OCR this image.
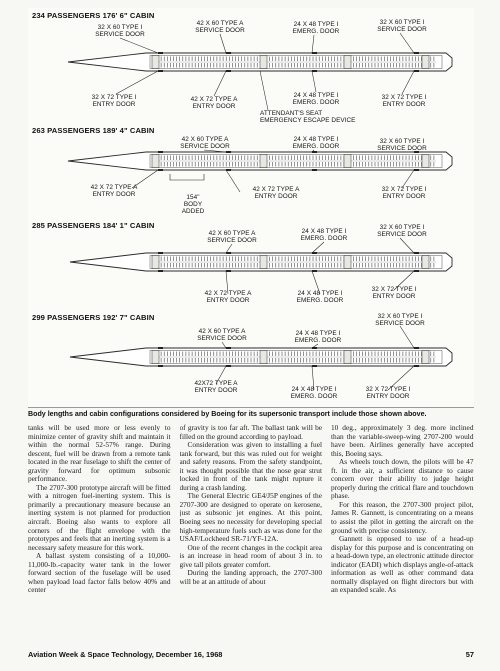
234 PASSENGERS 176' 6" CABIN
32 X 60 TYPE I
SERVICE DOOR
42 X 60 TYPE A
SERVICE DOOR
24 X 48 TYPE I
EMERG. DOOR
32 X 60 TYPE I
SERVICE DOOR
32 X 72 TYPE I
ENTRY DOOR
42 X 72 TYPE A
ENTRY DOOR
24 X 48 TYPE I
EMERG. DOOR
32 X 72 TYPE I
ENTRY DOOR
ATTENDANT'S SEAT
EMERGENCY ESCAPE DEVICE
263 PASSENGERS 189' 4" CABIN
42 X 60 TYPE A
SERVICE DOOR
24 X 48 TYPE I
EMERG. DOOR
32 X 60 TYPE I
SERVICE DOOR
42 X 72 TYPE A
ENTRY DOOR
42 X 72 TYPE A
ENTRY DOOR
32 X 72 TYPE I
ENTRY DOOR
154"
BODY
ADDED
285 PASSENGERS 184' 1" CABIN
42 X 60 TYPE A
SERVICE DOOR
24 X 48 TYPE I
EMERG. DOOR
32 X 60 TYPE I
SERVICE DOOR
42 X 72 TYPE A
ENTRY DOOR
24 X 48 TYPE I
EMERG. DOOR
32 X 72 TYPE I
ENTRY DOOR
299 PASSENGERS 192' 7" CABIN	32 X 60 TYPE I
SERVICE DOOR
42 X 60 TYPE A
SERVICE DOOR
24 X 48 TYPE I
EMERG. DOOR
42X72 TYPE A
ENTRY DOOR	24 X 48 TYPE I
EMERG. DOOR
32 X 72 TYPE I
ENTRY DOOR
Body lengths and cabin configurations considered by Boeing for its supersonic transport include those shown above.

tanks will be used more or less evenly to minimize center of gravity shift and maintain it within the normal 52-57% range. During descent, fuel will be drawn from a remote tank located in the rear fuselage to shift the center of gravity forward for optimum subsonic performance.

The 2707-300 prototype aircraft will be fitted with a nitrogen fuel-inerting system. This is primarily a precautionary measure because an inerting system is not planned for production aircraft. Boeing also wants to explore all corners of the flight envelope with the prototypes and feels that an inerting system is a necessary safety measure for this work.

A ballast system consisting of a 10,000-11,000-lb.-capacity water tank in the lower forward section of the fuselage will be used when payload load factor falls below 40% and center

of gravity is too far aft. The ballast tank will be filled on the ground according to payload.

Consideration was given to installing a fuel tank forward, but this was ruled out for weight and safety reasons. From the safety standpoint, it was thought possible that the nose gear strut locked in front of the tank might rupture it during a crash landing.

The General Electric GE4/J5P engines of the 2707-300 are designed to operate on kerosene, just as subsonic jet engines. At this point, Boeing sees no necessity for developing special high-temperature fuels such as was done for the USAF/Lockheed SR-71/YF-12A.

One of the recent changes in the cockpit area is an increase in head room of about 3 in. to give tall pilots greater comfort.

During the landing approach, the 2707-300 will be at an attitude of about

10 deg., approximately 3 deg. more inclined than the variable-sweep-wing 2707-200 would have been. Airlines generally have accepted this, Boeing says.

As wheels touch down, the pilots will be 47 ft. in the air, a sufficient distance to cause concern over their ability to judge height properly during the critical flare and touchdown phase.

For this reason, the 2707-300 project pilot, James R. Gannett, is concentrating on a means to assist the pilot in getting the aircraft on the ground with precise consistency.

Gannett is opposed to use of a head-up display for this purpose and is concentrating on a head-down type, an electronic attitude director indicator (EADI) which displays angle-of-attack information as well as other command data normally displayed on flight directors but with an expanded scale. As

Aviation Week & Space Technology, December 16, 1968	57
